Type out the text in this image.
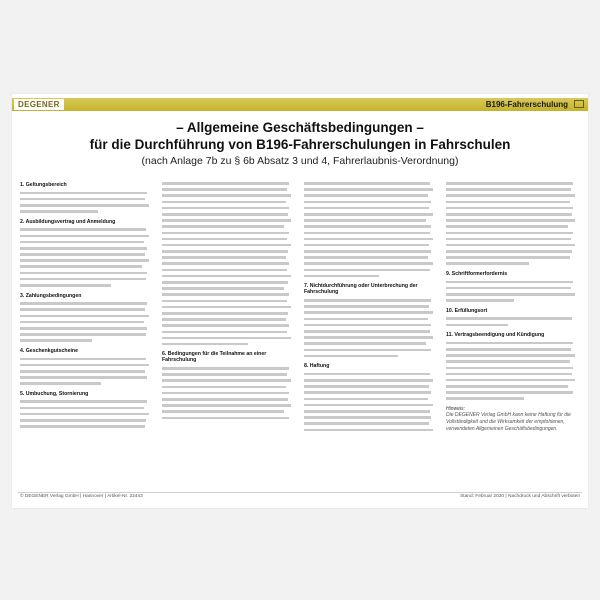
DEGENER	B196-Fahrerschulung
– Allgemeine Geschäftsbedingungen –
für die Durchführung von B196-Fahrerschulungen in Fahrschulen
(nach Anlage 7b zu § 6b Absatz 3 und 4, Fahrerlaubnis-Verordnung)
1. Geltungsbereich
2. Ausbildungsvertrag und Anmeldung
3. Zahlungsbedingungen
4. Geschenkgutscheine
5. Umbuchung, Stornierung
6. Bedingungen für die Teilnahme an einer Fahrschulung
7. Nichtdurchführung oder Unterbrechung der Fahrschulung
8. Haftung
9. Schriftformerfordernis
10. Erfüllungsort
11. Vertragsbeendigung und Kündigung
Hinweis:
Die DEGENER Verlag GmbH kann keine Haftung für die Vollständigkeit und die Wirksamkeit der empfohlenen, verwendeten Allgemeinen Geschäftsbedingungen.
© DEGENER Verlag GmbH | Hannover | Artikel-Nr. 22443	Stand: Februar 2020 | Nachdruck und Abschrift verboten
